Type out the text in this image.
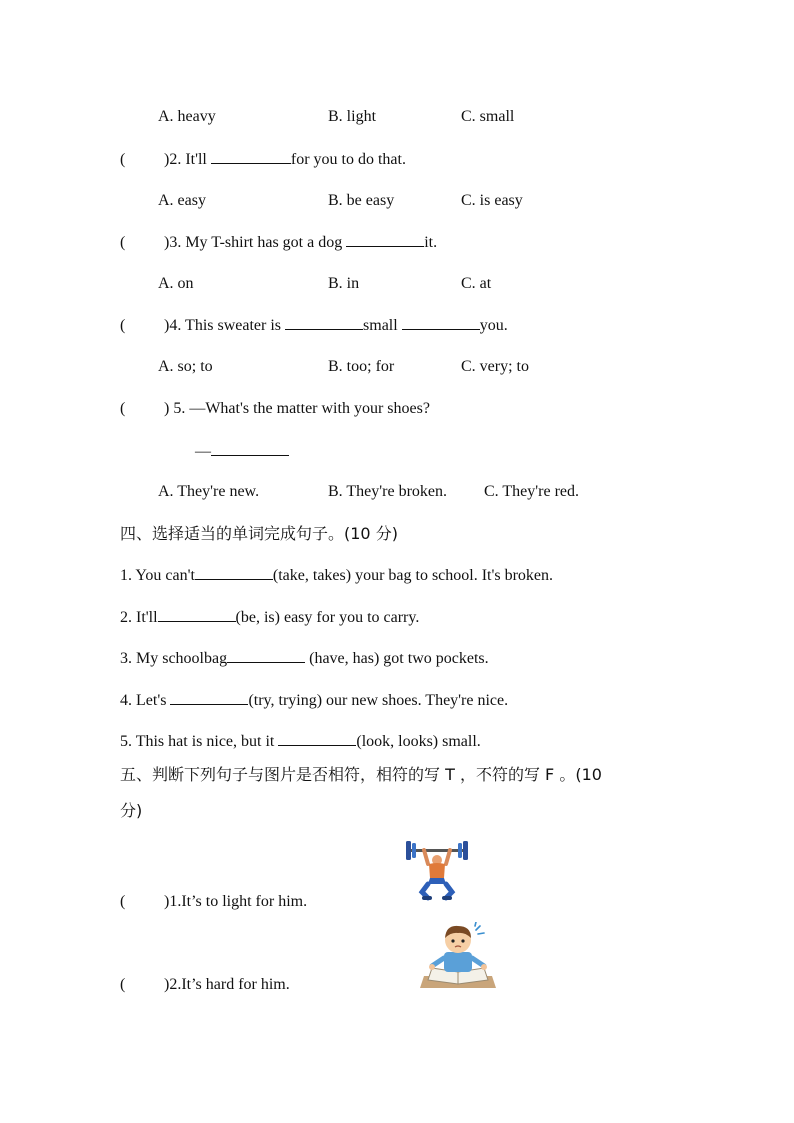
A. heavy	B. light	C. small
( )2. It'll	for you to do that.
A. easy	B. be easy	C. is easy
( )3. My T-shirt has got a dog	it.
A. on	B. in	C. at
( )4. This sweater is	small	you.
A. so; to	B. too; for	C. very; to
( ) 5. —What's the matter with your shoes?
—
A. They're new.	B. They're broken. C. They're red.
四、选择适当的单词完成句子。(10 分)
1. You can't	(take, takes) your bag to school. It's broken.
2. It'll	(be, is) easy for you to carry.
3. My schoolbag	(have, has) got two pockets.
4. Let's	(try, trying) our new shoes. They're nice.
5. This hat is nice, but it	(look, looks) small.
五、判断下列句子与图片是否相符，相符的写 T ，不符的写 F 。(10
分)
( )1.It’s to light for him.
( )2.It’s hard for him.
